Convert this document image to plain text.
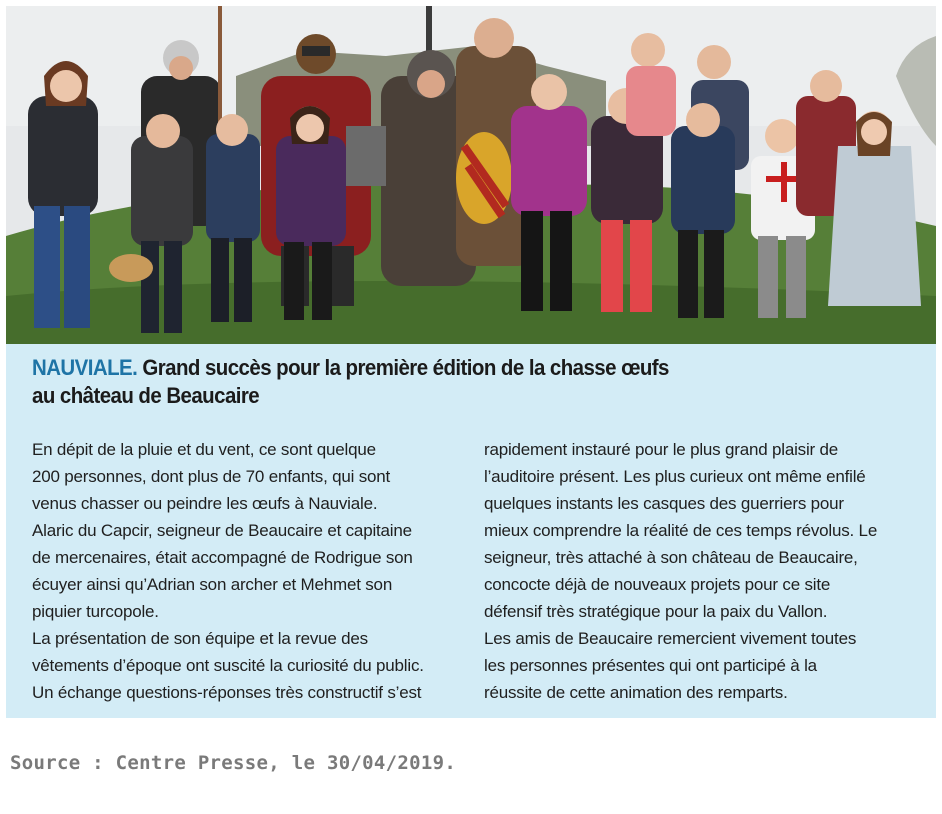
NAUVIALE. Grand succès pour la première édition de la chasse œufs
au château de Beaucaire

En dépit de la pluie et du vent, ce sont quelque

200 personnes, dont plus de 70 enfants, qui sont

venus chasser ou peindre les œufs à Nauviale.

Alaric du Capcir, seigneur de Beaucaire et capitaine

de mercenaires, était accompagné de Rodrigue son

écuyer ainsi qu’Adrian son archer et Mehmet son

piquier turcopole.

La présentation de son équipe et la revue des

vêtements d’époque ont suscité la curiosité du public.

Un échange questions-réponses très constructif s’est

rapidement instauré pour le plus grand plaisir de

l’auditoire présent. Les plus curieux ont même enfilé

quelques instants les casques des guerriers pour

mieux comprendre la réalité de ces temps révolus. Le

seigneur, très attaché à son château de Beaucaire,

concocte déjà de nouveaux projets pour ce site

défensif très stratégique pour la paix du Vallon.

Les amis de Beaucaire remercient vivement toutes

les personnes présentes qui ont participé à la

réussite de cette animation des remparts.

Source : Centre Presse, le 30/04/2019.
